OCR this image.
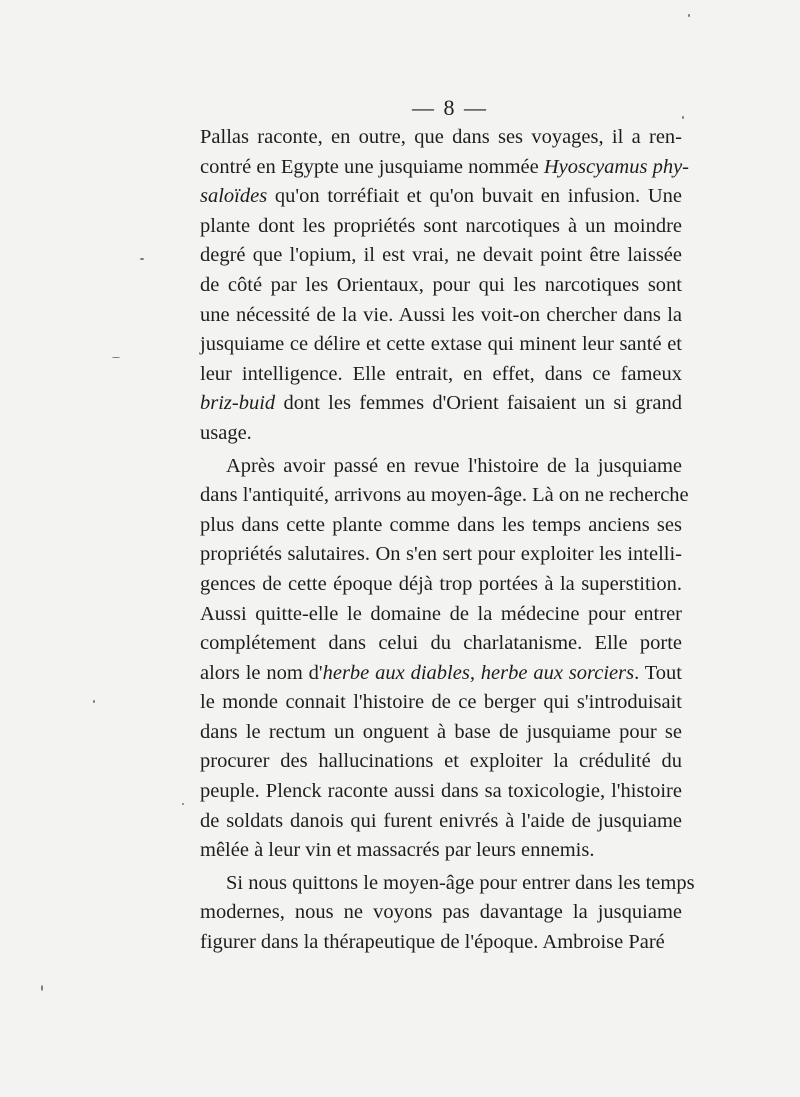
— 8 —

Pallas raconte, en outre, que dans ses voyages, il a ren-
contré en Egypte une jusquiame nommée Hyoscyamus phy-
saloïdes qu'on torréfiait et qu'on buvait en infusion. Une
plante dont les propriétés sont narcotiques à un moindre
degré que l'opium, il est vrai, ne devait point être laissée
de côté par les Orientaux, pour qui les narcotiques sont
une nécessité de la vie. Aussi les voit-on chercher dans la
jusquiame ce délire et cette extase qui minent leur santé et
leur intelligence. Elle entrait, en effet, dans ce fameux
briz-buid dont les femmes d'Orient faisaient un si grand
usage.

Après avoir passé en revue l'histoire de la jusquiame
dans l'antiquité, arrivons au moyen-âge. Là on ne recherche
plus dans cette plante comme dans les temps anciens ses
propriétés salutaires. On s'en sert pour exploiter les intelli-
gences de cette époque déjà trop portées à la superstition.
Aussi quitte-elle le domaine de la médecine pour entrer
complétement dans celui du charlatanisme. Elle porte
alors le nom d'herbe aux diables, herbe aux sorciers. Tout
le monde connait l'histoire de ce berger qui s'introduisait
dans le rectum un onguent à base de jusquiame pour se
procurer des hallucinations et exploiter la crédulité du
peuple. Plenck raconte aussi dans sa toxicologie, l'histoire
de soldats danois qui furent enivrés à l'aide de jusquiame
mêlée à leur vin et massacrés par leurs ennemis.

Si nous quittons le moyen-âge pour entrer dans les temps
modernes, nous ne voyons pas davantage la jusquiame
figurer dans la thérapeutique de l'époque. Ambroise Paré
